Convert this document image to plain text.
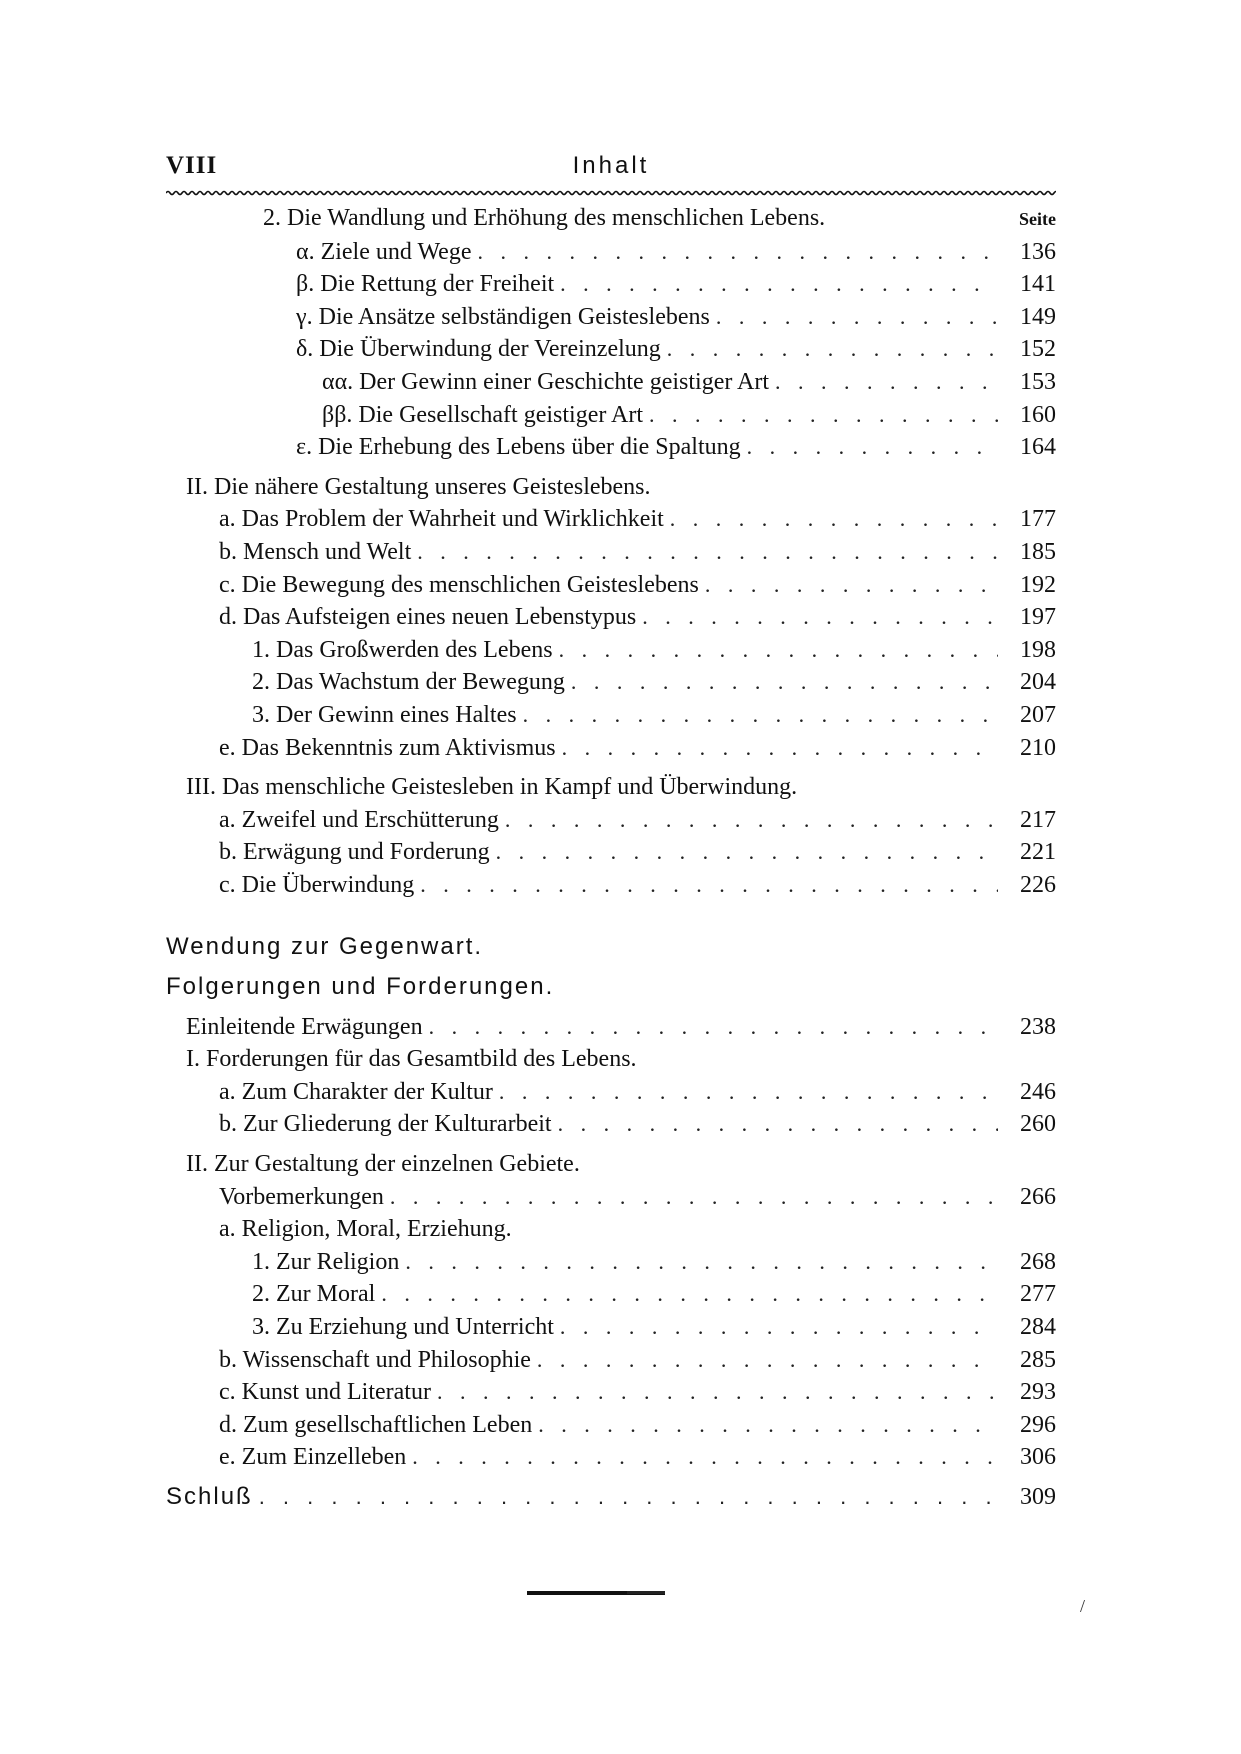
VIII	Inhalt
2. Die Wandlung und Erhöhung des menschlichen Lebens.	Seite
α. Ziele und Wege . . .	136
β. Die Rettung der Freiheit . . .	141
γ. Die Ansätze selbständigen Geisteslebens . . .	149
δ. Die Überwindung der Vereinzelung . . .	152
αα. Der Gewinn einer Geschichte geistiger Art . . .	153
ββ. Die Gesellschaft geistiger Art . . .	160
ε. Die Erhebung des Lebens über die Spaltung . . .	164
II. Die nähere Gestaltung unseres Geisteslebens.
a. Das Problem der Wahrheit und Wirklichkeit . . .	177
b. Mensch und Welt . . .	185
c. Die Bewegung des menschlichen Geisteslebens . . .	192
d. Das Aufsteigen eines neuen Lebenstypus . . .	197
1. Das Großwerden des Lebens . . .	198
2. Das Wachstum der Bewegung . . .	204
3. Der Gewinn eines Haltes . . .	207
e. Das Bekenntnis zum Aktivismus . . .	210
III. Das menschliche Geistesleben in Kampf und Überwindung.
a. Zweifel und Erschütterung . . .	217
b. Erwägung und Forderung . . .	221
c. Die Überwindung . . .	226
Wendung zur Gegenwart.
Folgerungen und Forderungen.
Einleitende Erwägungen . . .	238
I. Forderungen für das Gesamtbild des Lebens.
a. Zum Charakter der Kultur . . .	246
b. Zur Gliederung der Kulturarbeit . . .	260
II. Zur Gestaltung der einzelnen Gebiete.
Vorbemerkungen . . .	266
a. Religion, Moral, Erziehung.
1. Zur Religion . . .	268
2. Zur Moral . . .	277
3. Zu Erziehung und Unterricht . . .	284
b. Wissenschaft und Philosophie . . .	285
c. Kunst und Literatur . . .	293
d. Zum gesellschaftlichen Leben . . .	296
e. Zum Einzelleben . . .	306
Schluß . . .	309
/
